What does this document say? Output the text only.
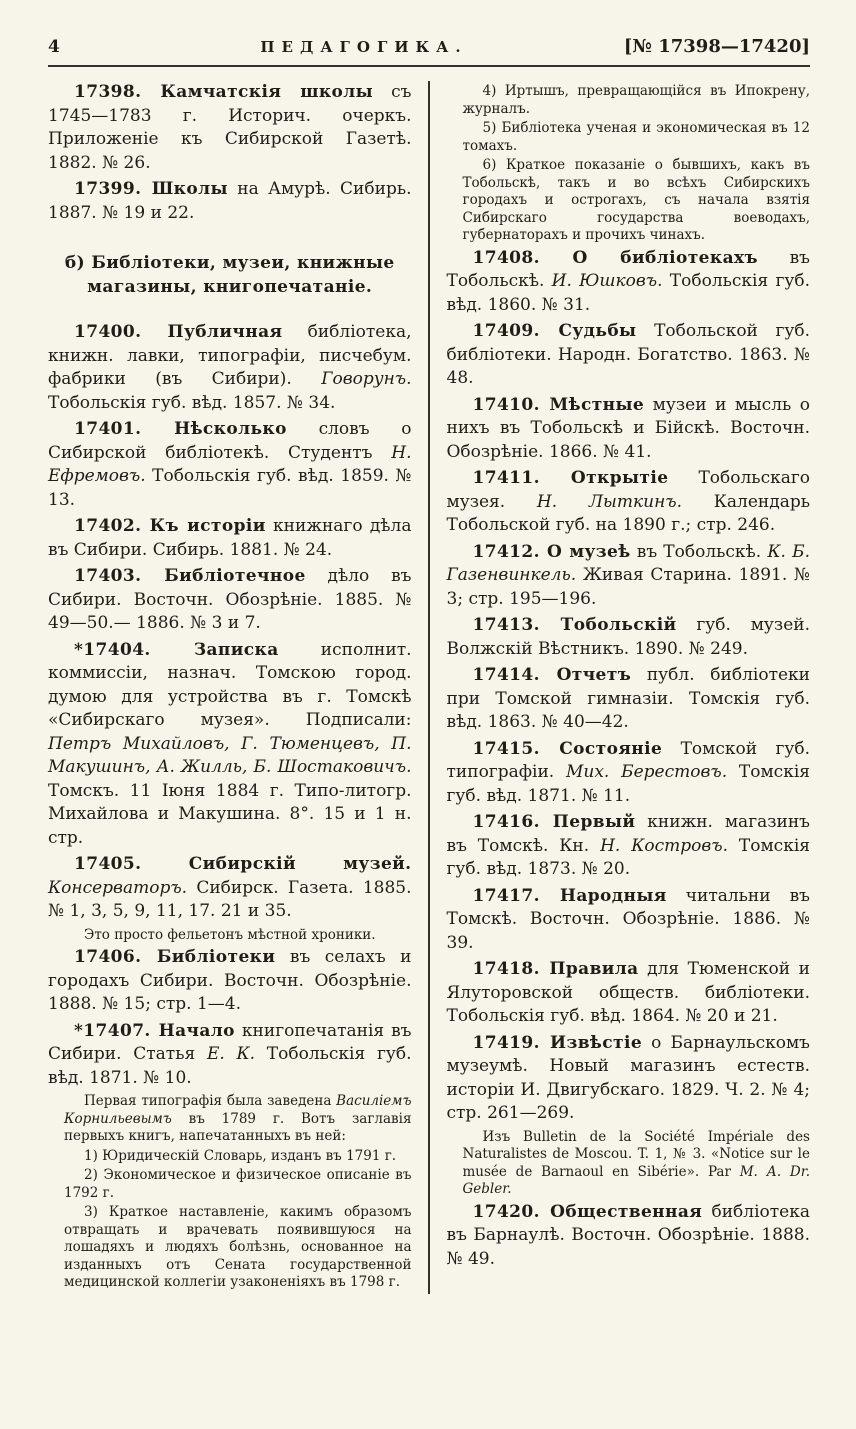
4	ПЕДАГОГИКА.	[№ 17398—17420]

17398. Камчатскія школы съ 1745—1783 г. Историч. очеркъ. Приложеніе къ Сибирской Газетѣ. 1882. № 26.

17399. Школы на Амурѣ. Сибирь. 1887. № 19 и 22.

б) Библіотеки, музеи, книжные магазины, книгопечатаніе.

17400. Публичная библіотека, книжн. лавки, типографіи, писчебум. фабрики (въ Сибири). Говорунъ. Тобольскія губ. вѣд. 1857. № 34.

17401. Нѣсколько словъ о Сибирской библіотекѣ. Студентъ Н. Ефремовъ. Тобольскія губ. вѣд. 1859. № 13.

17402. Къ исторіи книжнаго дѣла въ Сибири. Сибирь. 1881. № 24.

17403. Библіотечное дѣло въ Сибири. Восточн. Обозрѣніе. 1885. № 49—50.— 1886. № 3 и 7.

*17404. Записка исполнит. коммиссіи, назнач. Томскою город. думою для устройства въ г. Томскѣ «Сибирскаго музея». Подписали: Петръ Михайловъ, Г. Тюменцевъ, П. Макушинъ, А. Жилль, Б. Шостаковичъ. Томскъ. 11 Іюня 1884 г. Типо-литогр. Михайлова и Макушина. 8°. 15 и 1 н. стр.

17405. Сибирскій музей. Консерваторъ. Сибирск. Газета. 1885. № 1, 3, 5, 9, 11, 17. 21 и 35.

Это просто фельетонъ мѣстной хроники.

17406. Библіотеки въ селахъ и городахъ Сибири. Восточн. Обозрѣніе. 1888. № 15; стр. 1—4.

*17407. Начало книгопечатанія въ Сибири. Статья Е. К. Тобольскія губ. вѣд. 1871. № 10.

Первая типографія была заведена Василіемъ Корнильевымъ въ 1789 г. Вотъ заглавія первыхъ книгъ, напечатанныхъ въ ней:

1) Юридическій Словарь, изданъ въ 1791 г.

2) Экономическое и физическое описаніе въ 1792 г.

3) Краткое наставленіе, какимъ образомъ отвращать и врачевать появившуюся на лошадяхъ и людяхъ болѣзнь, основанное на изданныхъ отъ Сената государственной медицинской коллегіи узаконеніяхъ въ 1798 г.

4) Иртышъ, превращающійся въ Ипокрену, журналъ.

5) Библіотека ученая и экономическая въ 12 томахъ.

6) Краткое показаніе о бывшихъ, какъ въ Тобольскѣ, такъ и во всѣхъ Сибирскихъ городахъ и острогахъ, съ начала взятія Сибирскаго государства воеводахъ, губернаторахъ и прочихъ чинахъ.

17408. О библіотекахъ въ Тобольскѣ. И. Юшковъ. Тобольскія губ. вѣд. 1860. № 31.

17409. Судьбы Тобольской губ. библіотеки. Народн. Богатство. 1863. № 48.

17410. Мѣстные музеи и мысль о нихъ въ Тобольскѣ и Бійскѣ. Восточн. Обозрѣніе. 1866. № 41.

17411. Открытіе Тобольскаго музея. Н. Лыткинъ. Календарь Тобольской губ. на 1890 г.; стр. 246.

17412. О музеѣ въ Тобольскѣ. К. Б. Газенвинкель. Живая Старина. 1891. № 3; стр. 195—196.

17413. Тобольскій губ. музей. Волжскій Вѣстникъ. 1890. № 249.

17414. Отчетъ публ. библіотеки при Томской гимназіи. Томскія губ. вѣд. 1863. № 40—42.

17415. Состояніе Томской губ. типографіи. Мих. Берестовъ. Томскія губ. вѣд. 1871. № 11.

17416. Первый книжн. магазинъ въ Томскѣ. Кн. Н. Костровъ. Томскія губ. вѣд. 1873. № 20.

17417. Народныя читальни въ Томскѣ. Восточн. Обозрѣніе. 1886. № 39.

17418. Правила для Тюменской и Ялуторовской обществ. библіотеки. Тобольскія губ. вѣд. 1864. № 20 и 21.

17419. Извѣстіе о Барнаульскомъ музеумѣ. Новый магазинъ естеств. исторіи И. Двигубскаго. 1829. Ч. 2. № 4; стр. 261—269.

Изъ Bulletin de la Société Impériale des Naturalistes de Moscou. T. 1, № 3. «Notice sur le musée de Barnaoul en Sibérie». Par М. А. Dr. Gebler.

17420. Общественная библіотека въ Барнаулѣ. Восточн. Обозрѣніе. 1888. № 49.
